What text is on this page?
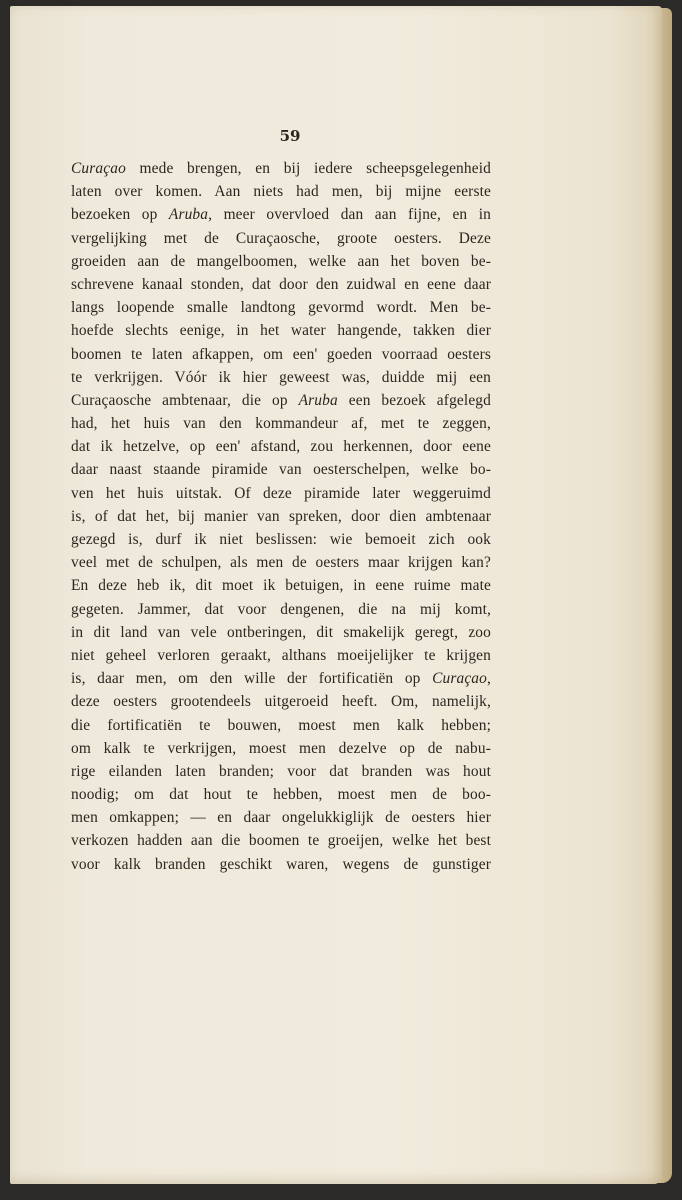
59
Curaçao mede brengen, en bij iedere scheepsgelegenheid
laten over komen. Aan niets had men, bij mijne eerste
bezoeken op Aruba, meer overvloed dan aan fijne, en in
vergelijking met de Curaçaosche, groote oesters. Deze
groeiden aan de mangelboomen, welke aan het boven be-
schrevene kanaal stonden, dat door den zuidwal en eene daar
langs loopende smalle landtong gevormd wordt. Men be-
hoefde slechts eenige, in het water hangende, takken dier
boomen te laten afkappen, om een' goeden voorraad oesters
te verkrijgen. Vóór ik hier geweest was, duidde mij een
Curaçaosche ambtenaar, die op Aruba een bezoek afgelegd
had, het huis van den kommandeur af, met te zeggen,
dat ik hetzelve, op een' afstand, zou herkennen, door eene
daar naast staande piramide van oesterschelpen, welke bo-
ven het huis uitstak. Of deze piramide later weggeruimd
is, of dat het, bij manier van spreken, door dien ambtenaar
gezegd is, durf ik niet beslissen: wie bemoeit zich ook
veel met de schulpen, als men de oesters maar krijgen kan?
En deze heb ik, dit moet ik betuigen, in eene ruime mate
gegeten. Jammer, dat voor dengenen, die na mij komt,
in dit land van vele ontberingen, dit smakelijk geregt, zoo
niet geheel verloren geraakt, althans moeijelijker te krijgen
is, daar men, om den wille der fortificatiën op Curaçao,
deze oesters grootendeels uitgeroeid heeft. Om, namelijk,
die fortificatiën te bouwen, moest men kalk hebben;
om kalk te verkrijgen, moest men dezelve op de nabu-
rige eilanden laten branden; voor dat branden was hout
noodig; om dat hout te hebben, moest men de boo-
men omkappen; — en daar ongelukkiglijk de oesters hier
verkozen hadden aan die boomen te groeijen, welke het best
voor kalk branden geschikt waren, wegens de gunstiger
